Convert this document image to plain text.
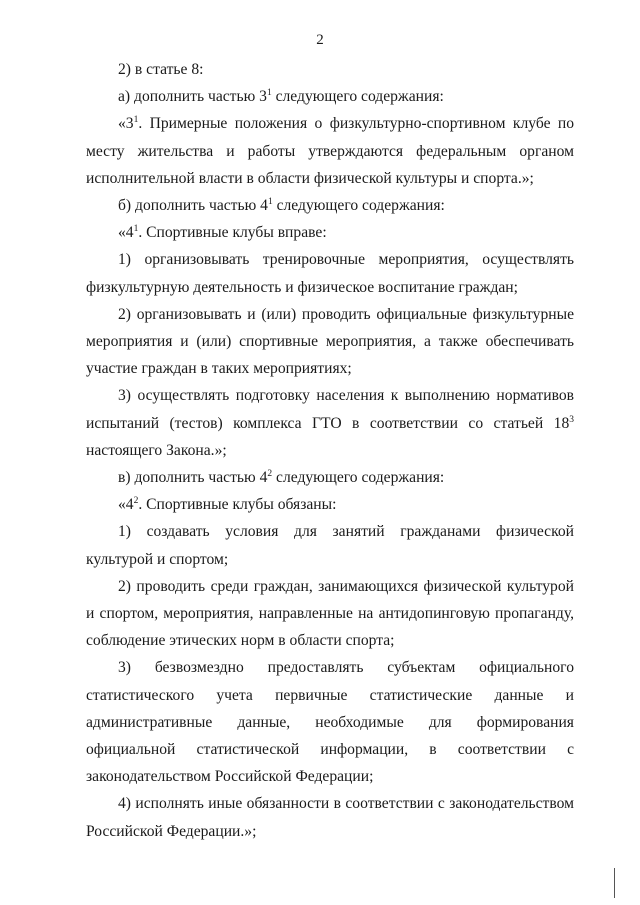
2

2) в статье 8:

а) дополнить частью $3^1$ следующего содержания:

«$3^1$. Примерные положения о физкультурно-спортивном клубе по месту жительства и работы утверждаются федеральным органом исполнительной власти в области физической культуры и спорта.»;

б) дополнить частью $4^1$ следующего содержания:

«$4^1$. Спортивные клубы вправе:

1) организовывать тренировочные мероприятия, осуществлять физкультурную деятельность и физическое воспитание граждан;

2) организовывать и (или) проводить официальные физкультурные мероприятия и (или) спортивные мероприятия, а также обеспечивать участие граждан в таких мероприятиях;

3) осуществлять подготовку населения к выполнению нормативов испытаний (тестов) комплекса ГТО в соответствии со статьей $18^3$ настоящего Закона.»;

в) дополнить частью $4^2$ следующего содержания:

«$4^2$. Спортивные клубы обязаны:

1) создавать условия для занятий гражданами физической культурой и спортом;

2) проводить среди граждан, занимающихся физической культурой и спортом, мероприятия, направленные на антидопинговую пропаганду, соблюдение этических норм в области спорта;

3) безвозмездно предоставлять субъектам официального статистического учета первичные статистические данные и административные данные, необходимые для формирования официальной статистической информации, в соответствии с законодательством Российской Федерации;

4) исполнять иные обязанности в соответствии с законодательством Российской Федерации.»;
